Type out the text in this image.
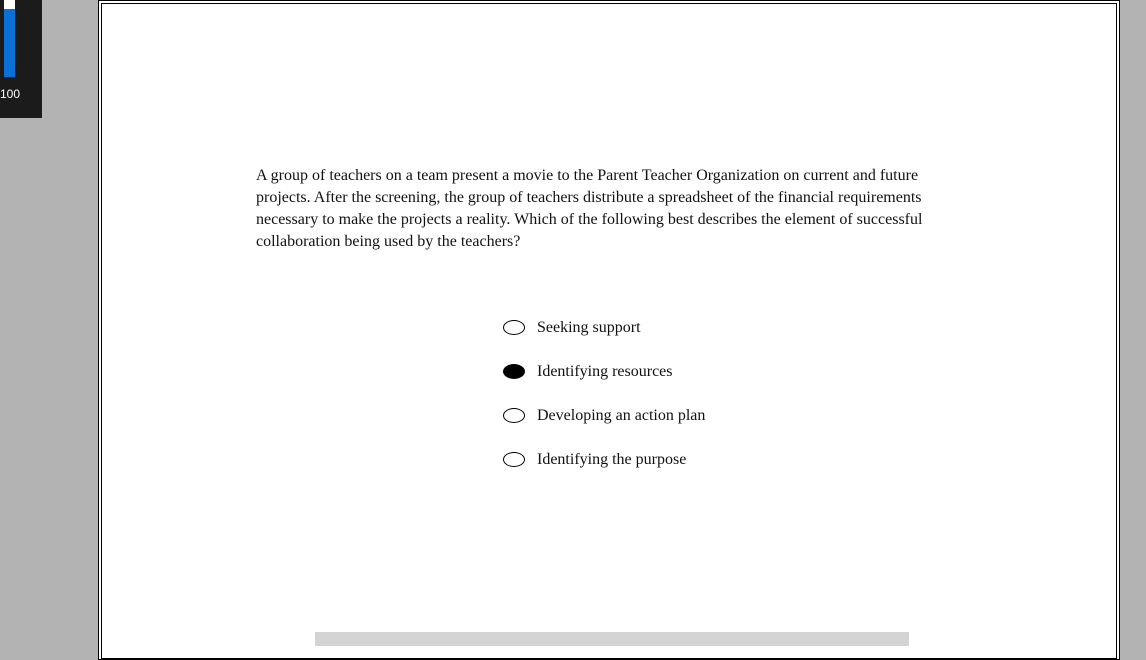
100

A group of teachers on a team present a movie to the Parent Teacher Organization on current and future projects. After the screening, the group of teachers distribute a spreadsheet of the financial requirements necessary to make the projects a reality. Which of the following best describes the element of successful collaboration being used by the teachers?

Seeking support
Identifying resources
Developing an action plan
Identifying the purpose
